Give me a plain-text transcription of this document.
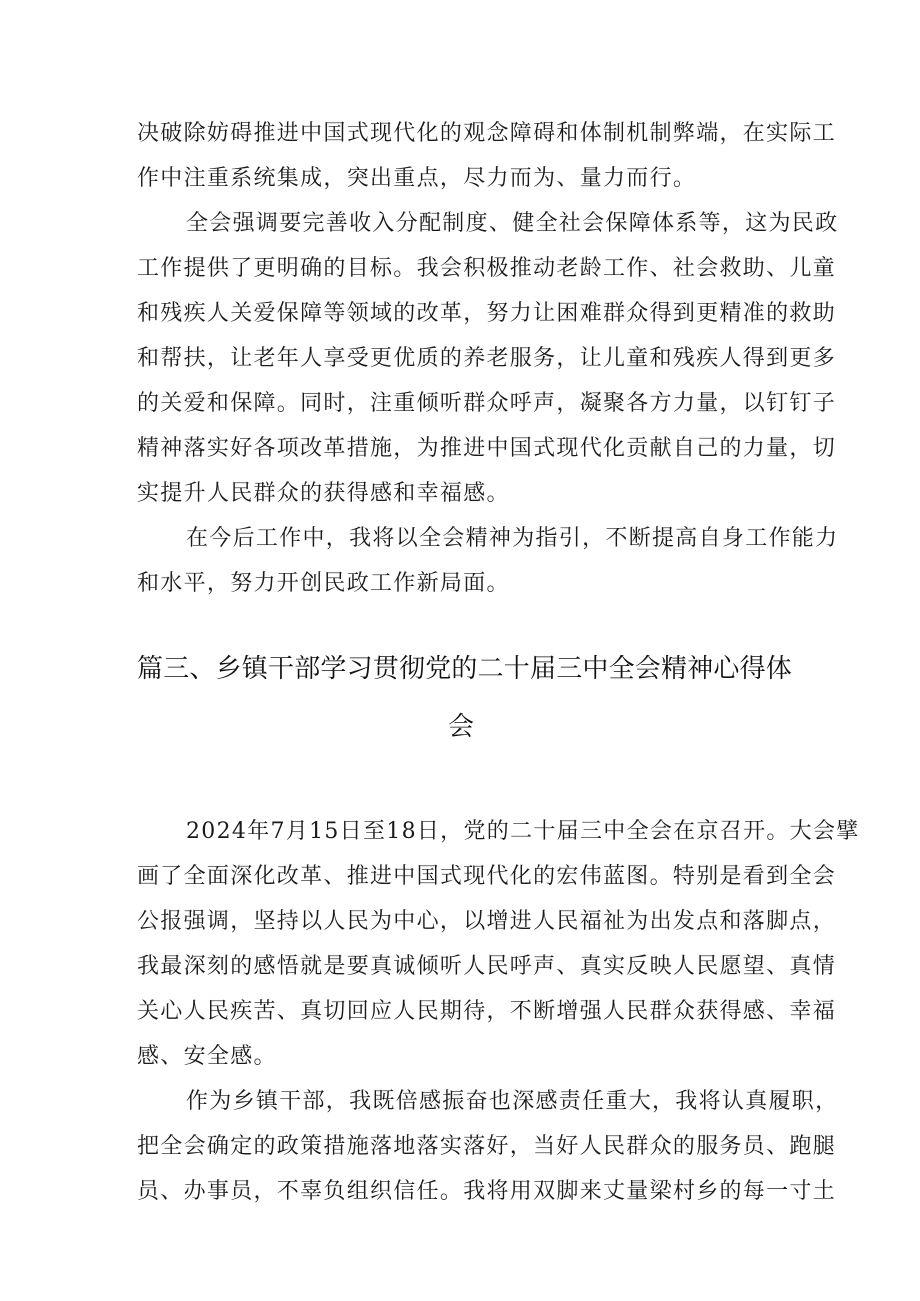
决破除妨碍推进中国式现代化的观念障碍和体制机制弊端，在实际工
作中注重系统集成，突出重点，尽力而为、量力而行。
全会强调要完善收入分配制度、健全社会保障体系等，这为民政
工作提供了更明确的目标。我会积极推动老龄工作、社会救助、儿童
和残疾人关爱保障等领域的改革，努力让困难群众得到更精准的救助
和帮扶，让老年人享受更优质的养老服务，让儿童和残疾人得到更多
的关爱和保障。同时，注重倾听群众呼声，凝聚各方力量，以钉钉子
精神落实好各项改革措施，为推进中国式现代化贡献自己的力量，切
实提升人民群众的获得感和幸福感。
在今后工作中，我将以全会精神为指引，不断提高自身工作能力
和水平，努力开创民政工作新局面。
篇三、乡镇干部学习贯彻党的二十届三中全会精神心得体
会
2024年7月15日至18日，党的二十届三中全会在京召开。大会擘
画了全面深化改革、推进中国式现代化的宏伟蓝图。特别是看到全会
公报强调，坚持以人民为中心，以增进人民福祉为出发点和落脚点，
我最深刻的感悟就是要真诚倾听人民呼声、真实反映人民愿望、真情
关心人民疾苦、真切回应人民期待，不断增强人民群众获得感、幸福
感、安全感。
作为乡镇干部，我既倍感振奋也深感责任重大，我将认真履职，
把全会确定的政策措施落地落实落好，当好人民群众的服务员、跑腿
员、办事员，不辜负组织信任。我将用双脚来丈量梁村乡的每一寸土
